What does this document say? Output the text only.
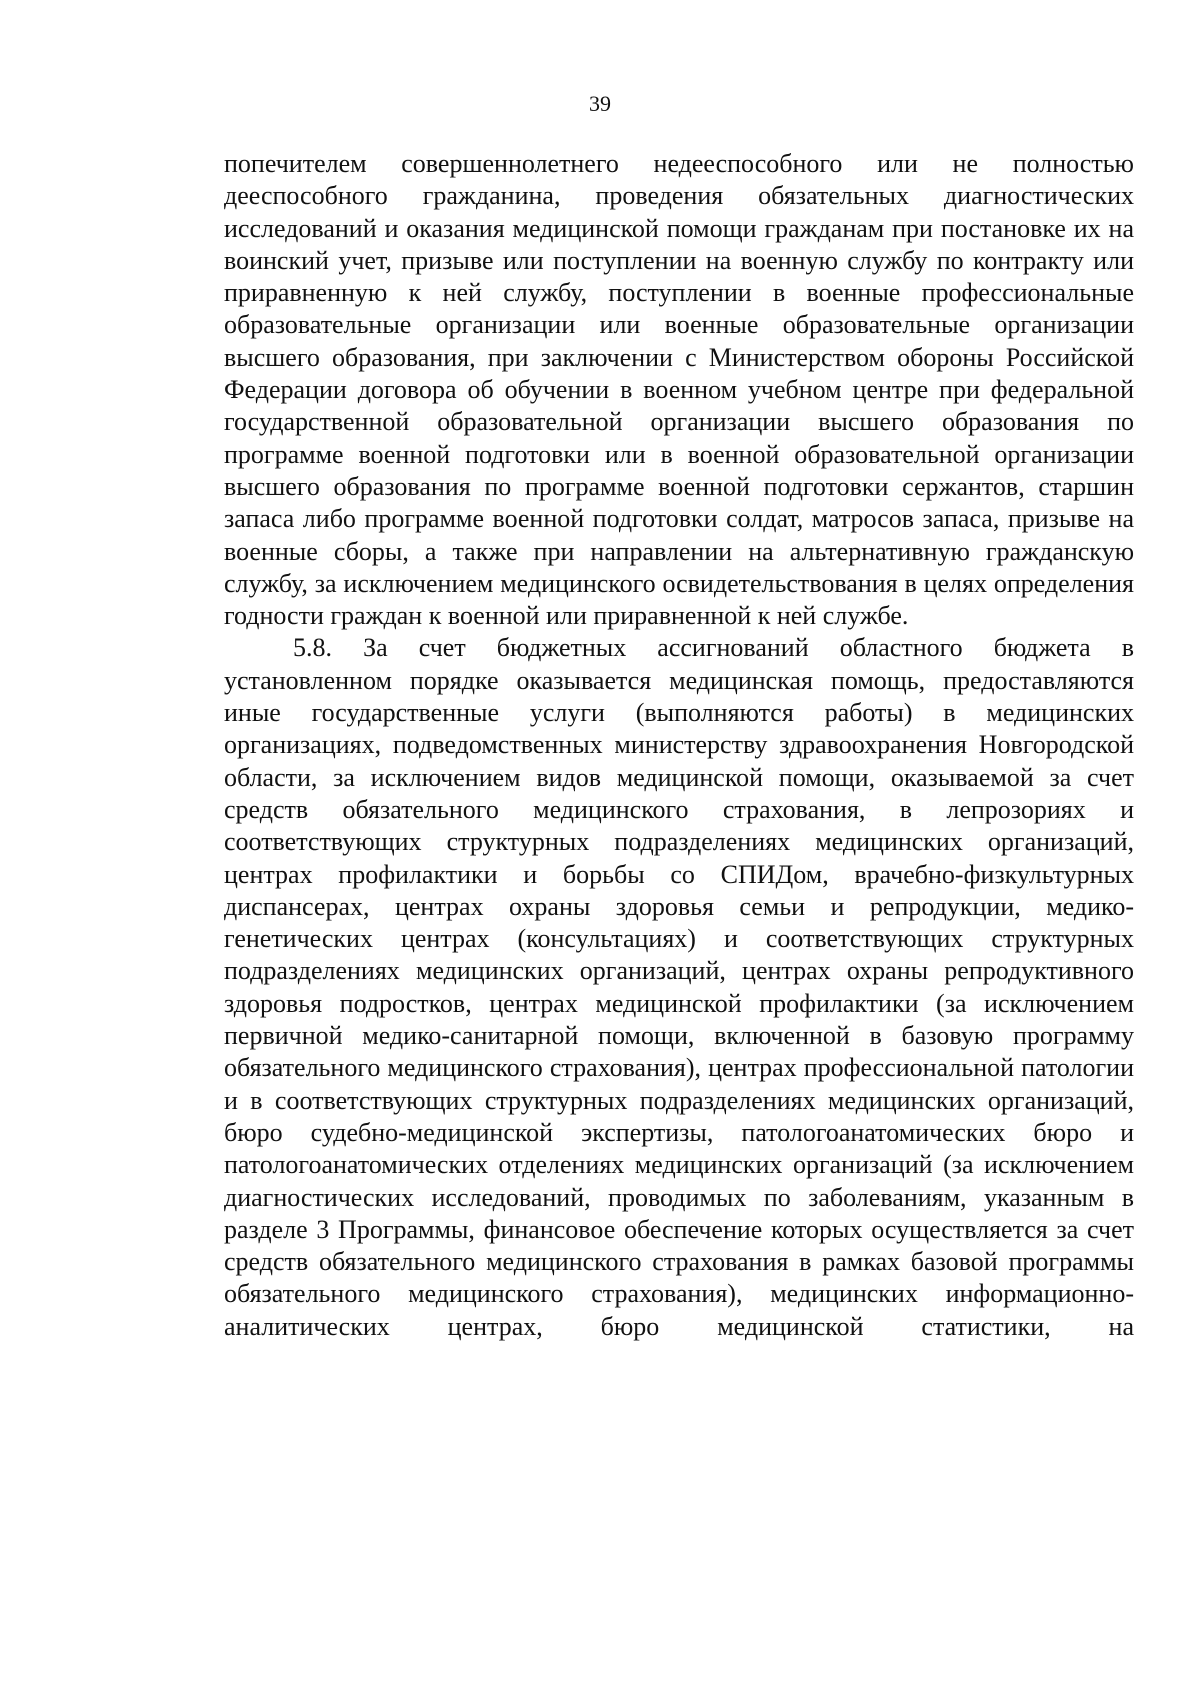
39

попечителем совершеннолетнего недееспособного или не полностью дееспособного гражданина, проведения обязательных диагностических исследований и оказания медицинской помощи гражданам при постановке их на воинский учет, призыве или поступлении на военную службу по контракту или приравненную к ней службу, поступлении в военные профессиональные образовательные организации или военные образовательные организации высшего образования, при заключении с Министерством обороны Российской Федерации договора об обучении в военном учебном центре при федеральной государственной образовательной организации высшего образования по программе военной подготовки или в военной образовательной организации высшего образования по программе военной подготовки сержантов, старшин запаса либо программе военной подготовки солдат, матросов запаса, призыве на военные сборы, а также при направлении на альтернативную гражданскую службу, за исключением медицинского освидетельствования в целях определения годности граждан к военной или приравненной к ней службе.

5.8. За счет бюджетных ассигнований областного бюджета в установленном порядке оказывается медицинская помощь, предоставляются иные государственные услуги (выполняются работы) в медицинских организациях, подведомственных министерству здравоохранения Новгородской области, за исключением видов медицинской помощи, оказываемой за счет средств обязательного медицинского страхования, в лепрозориях и соответствующих структурных подразделениях медицинских организаций, центрах профилактики и борьбы со СПИДом, врачебно-физкультурных диспансерах, центрах охраны здоровья семьи и репродукции, медико-генетических центрах (консультациях) и соответствующих структурных подразделениях медицинских организаций, центрах охраны репродуктивного здоровья подростков, центрах медицинской профилактики (за исключением первичной медико-санитарной помощи, включенной в базовую программу обязательного медицинского страхования), центрах профессиональной патологии и в соответствующих структурных подразделениях медицинских организаций, бюро судебно-медицинской экспертизы, патологоанатомических бюро и патологоанатомических отделениях медицинских организаций (за исключением диагностических исследований, проводимых по заболеваниям, указанным в разделе 3 Программы, финансовое обеспечение которых осуществляется за счет средств обязательного медицинского страхования в рамках базовой программы обязательного медицинского страхования), медицинских информационно-аналитических центрах, бюро медицинской статистики, на
